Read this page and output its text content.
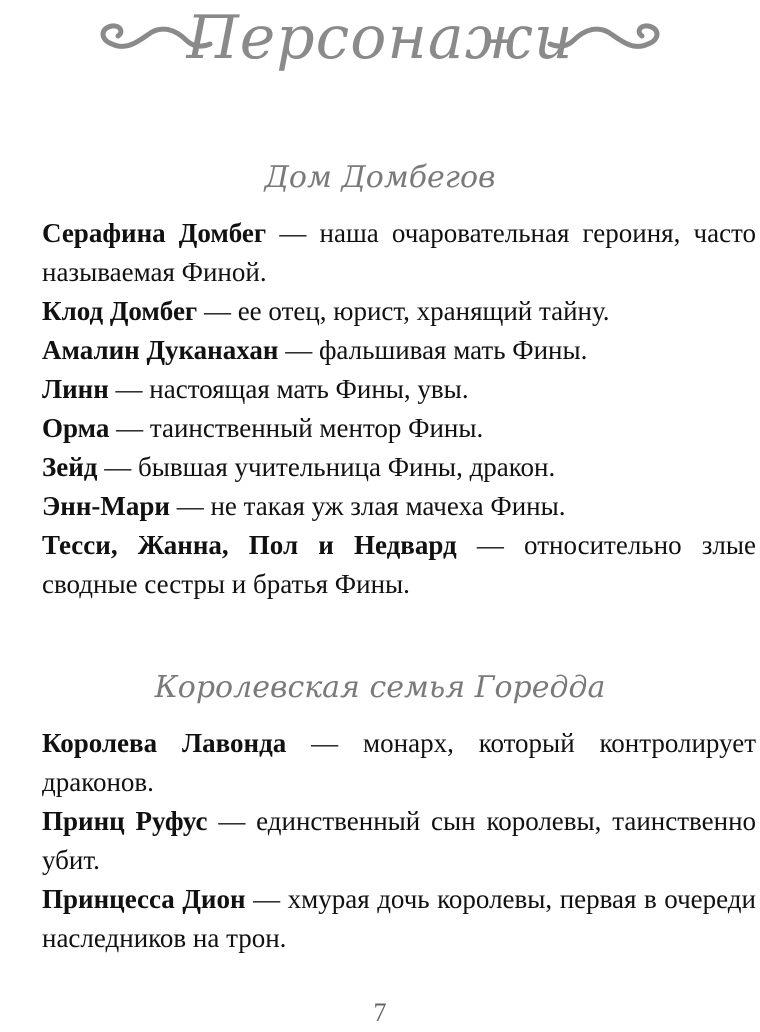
Персонажи
Дом Домбегов

Серафина Домбег — наша очаровательная героиня, часто называемая Финой.

Клод Домбег — ее отец, юрист, хранящий тайну.

Амалин Дуканахан — фальшивая мать Фины.

Линн — настоящая мать Фины, увы.

Орма — таинственный ментор Фины.

Зейд — бывшая учительница Фины, дракон.

Энн-Мари — не такая уж злая мачеха Фины.

Тесси, Жанна, Пол и Недвард — относительно злые сводные сестры и братья Фины.

Королевская семья Горедда

Королева Лавонда — монарх, который контролирует драконов.

Принц Руфус — единственный сын королевы, таинственно убит.

Принцесса Дион — хмурая дочь королевы, первая в очереди наследников на трон.

7
